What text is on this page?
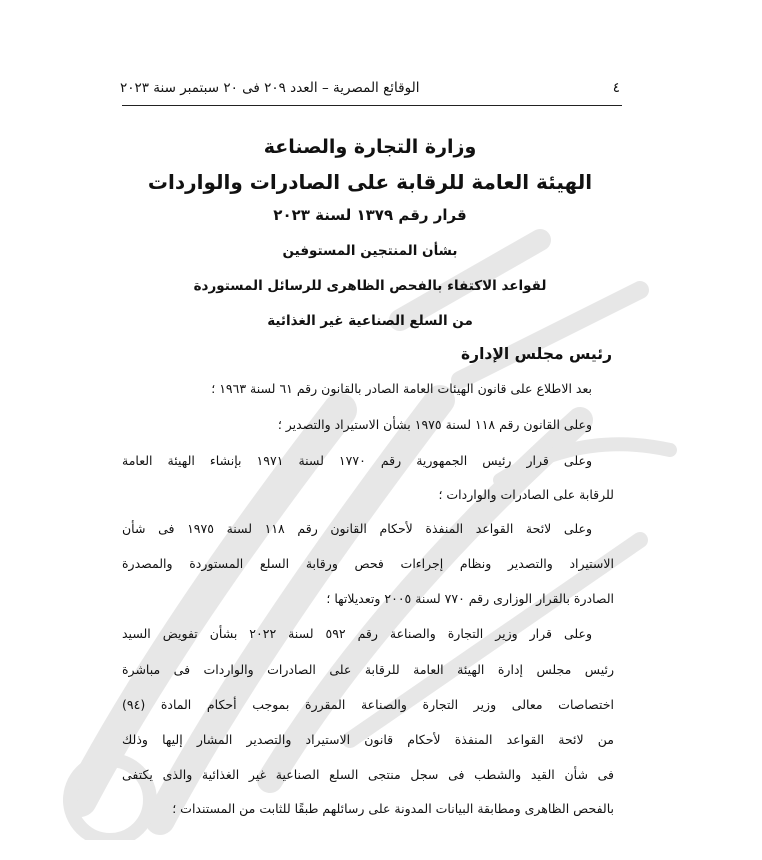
٤
الوقائع المصرية – العدد ٢٠٩ فى ٢٠ سبتمبر سنة ٢٠٢٣
وزارة التجارة والصناعة
الهيئة العامة للرقابة على الصادرات والواردات
قرار رقم ١٣٧٩ لسنة ٢٠٢٣
بشأن المنتجين المستوفين
لقواعد الاكتفاء بالفحص الظاهرى للرسائل المستوردة
من السلع الصناعية غير الغذائية
رئيس مجلس الإدارة
بعد الاطلاع على قانون الهيئات العامة الصادر بالقانون رقم ٦١ لسنة ١٩٦٣ ؛
وعلى القانون رقم ١١٨ لسنة ١٩٧٥ بشأن الاستيراد والتصدير ؛
وعلى قرار رئيس الجمهورية رقم ١٧٧٠ لسنة ١٩٧١ بإنشاء الهيئة العامة
للرقابة على الصادرات والواردات ؛
وعلى لائحة القواعد المنفذة لأحكام القانون رقم ١١٨ لسنة ١٩٧٥ فى شأن
الاستيراد والتصدير ونظام إجراءات فحص ورقابة السلع المستوردة والمصدرة
الصادرة بالقرار الوزارى رقم ٧٧٠ لسنة ٢٠٠٥ وتعديلاتها ؛
وعلى قرار وزير التجارة والصناعة رقم ٥٩٢ لسنة ٢٠٢٢ بشأن تفويض السيد
رئيس مجلس إدارة الهيئة العامة للرقابة على الصادرات والواردات فى مباشرة
اختصاصات معالى وزير التجارة والصناعة المقررة بموجب أحكام المادة (٩٤)
من لائحة القواعد المنفذة لأحكام قانون الاستيراد والتصدير المشار إليها وذلك
فى شأن القيد والشطب فى سجل منتجى السلع الصناعية غير الغذائية والذى يكتفى
بالفحص الظاهرى ومطابقة البيانات المدونة على رسائلهم طبقًا للثابت من المستندات ؛
